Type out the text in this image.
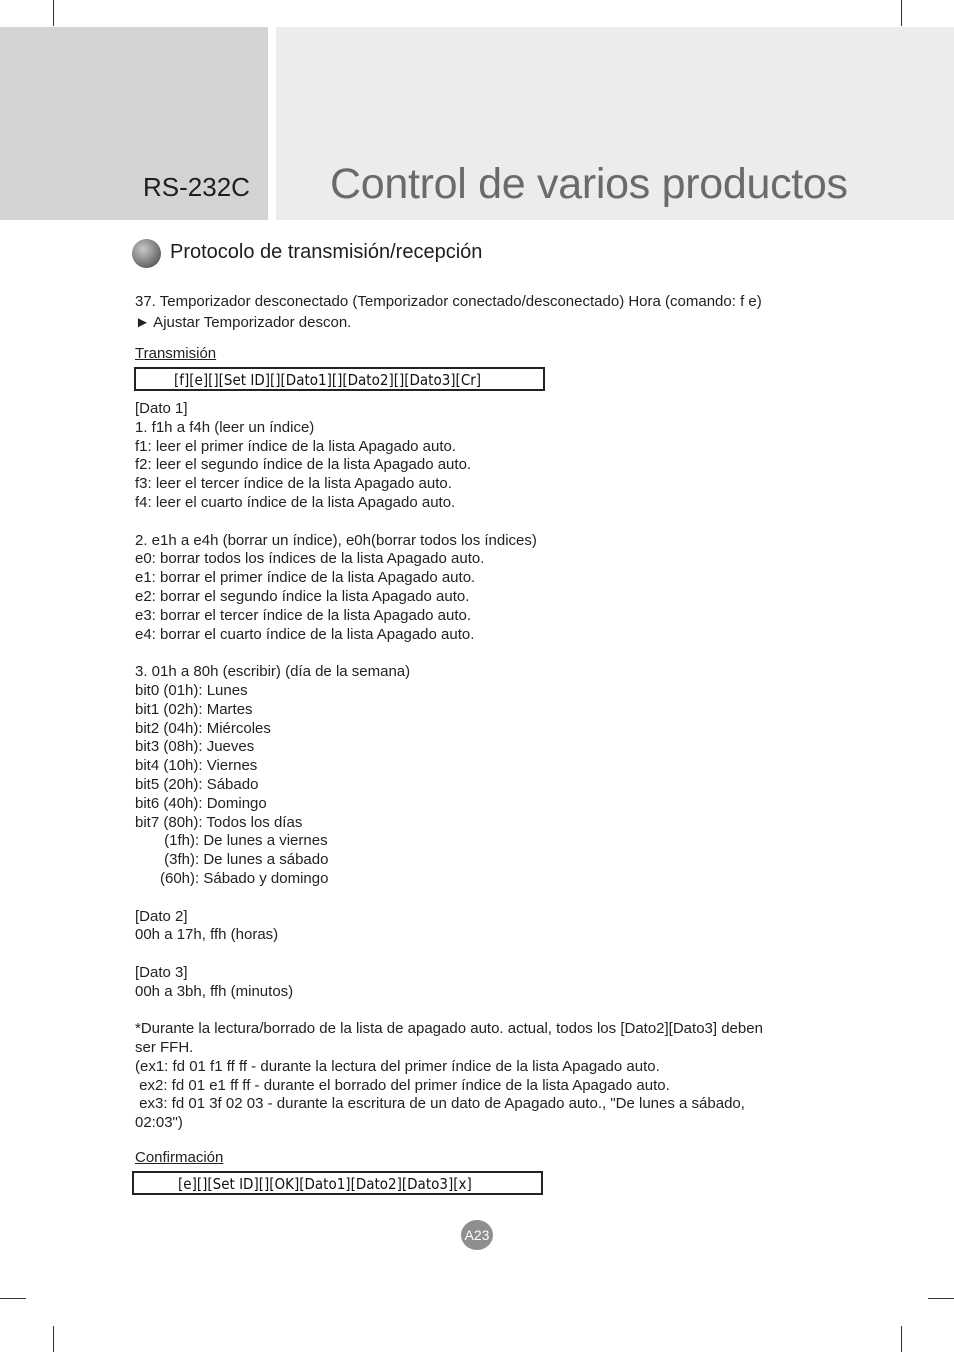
RS-232C Control de varios productos
Protocolo de transmisión/recepción
37. Temporizador desconectado (Temporizador conectado/desconectado) Hora (comando: f e)
► Ajustar Temporizador descon.
Transmisión
[f][e][][Set ID][][Dato1][][Dato2][][Dato3][Cr]
[Dato 1]
1. f1h a f4h (leer un índice)
f1: leer el primer índice de la lista Apagado auto.
f2: leer el segundo índice de la lista Apagado auto.
f3: leer el tercer índice de la lista Apagado auto.
f4: leer el cuarto índice de la lista Apagado auto.
2. e1h a e4h (borrar un índice), e0h(borrar todos los índices)
e0: borrar todos los índices de la lista Apagado auto.
e1: borrar el primer índice de la lista Apagado auto.
e2: borrar el segundo índice la lista Apagado auto.
e3: borrar el tercer índice de la lista Apagado auto.
e4: borrar el cuarto índice de la lista Apagado auto.
3. 01h a 80h (escribir) (día de la semana)
bit0 (01h): Lunes
bit1 (02h): Martes
bit2 (04h): Miércoles
bit3 (08h): Jueves
bit4 (10h): Viernes
bit5 (20h): Sábado
bit6 (40h): Domingo
bit7 (80h): Todos los días
(1fh): De lunes a viernes
(3fh): De lunes a sábado
(60h): Sábado y domingo
[Dato 2]
00h a 17h, ffh (horas)
[Dato 3]
00h a 3bh, ffh (minutos)
*Durante la lectura/borrado de la lista de apagado auto. actual, todos los [Dato2][Dato3] deben
ser FFH.
(ex1: fd 01 f1 ff ff - durante la lectura del primer índice de la lista Apagado auto.
ex2: fd 01 e1 ff ff - durante el borrado del primer índice de la lista Apagado auto.
ex3: fd 01 3f 02 03 - durante la escritura de un dato de Apagado auto., "De lunes a sábado,
02:03")
Confirmación
[e][][Set ID][][OK][Dato1][Dato2][Dato3][x]
A23
